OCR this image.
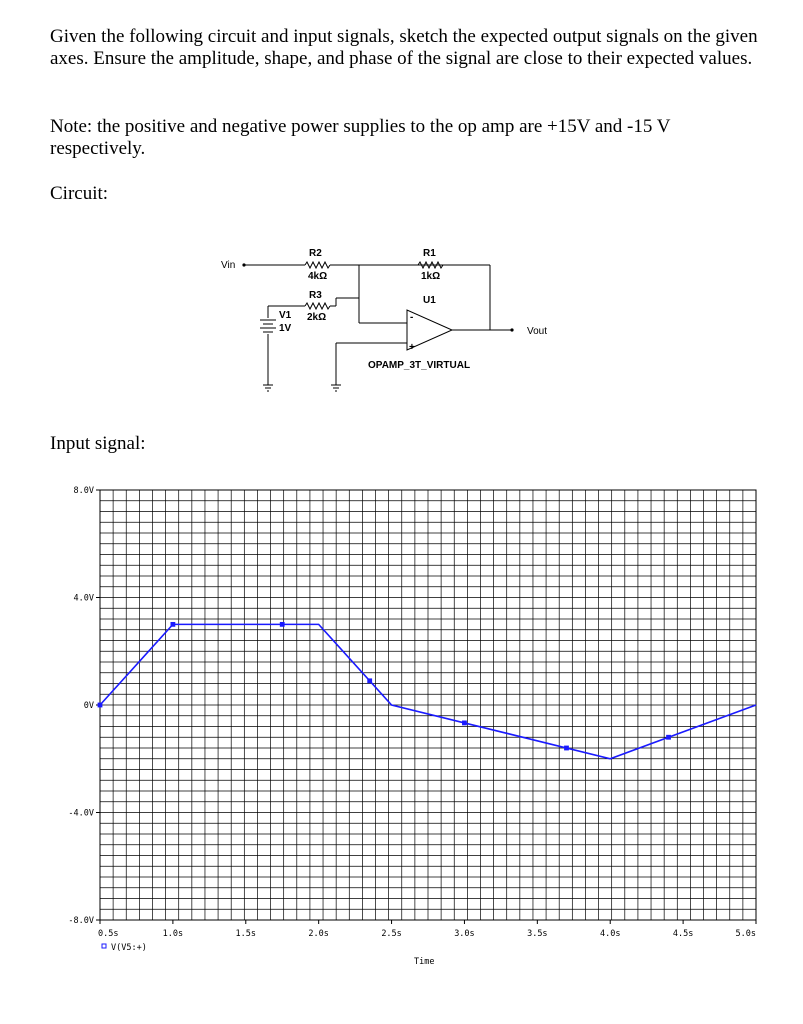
Given the following circuit and input signals, sketch the expected output signals on the given axes. Ensure the amplitude, shape, and phase of the signal are close to their expected values.

Note: the positive and negative power supplies to the op amp are +15V and -15 V respectively.

Circuit:

Input signal:

Vin
R2
4kΩ
R1
1kΩ
R3
2kΩ
V1
1V
U1
-
+
OPAMP_3T_VIRTUAL
Vout
8.0V
4.0V
0V
-4.0V
-8.0V
0.5s	1.0s	1.5s	2.0s	2.5s	3.0s	3.5s	4.0s	4.5s	5.0s
V(V5:+)
Time
